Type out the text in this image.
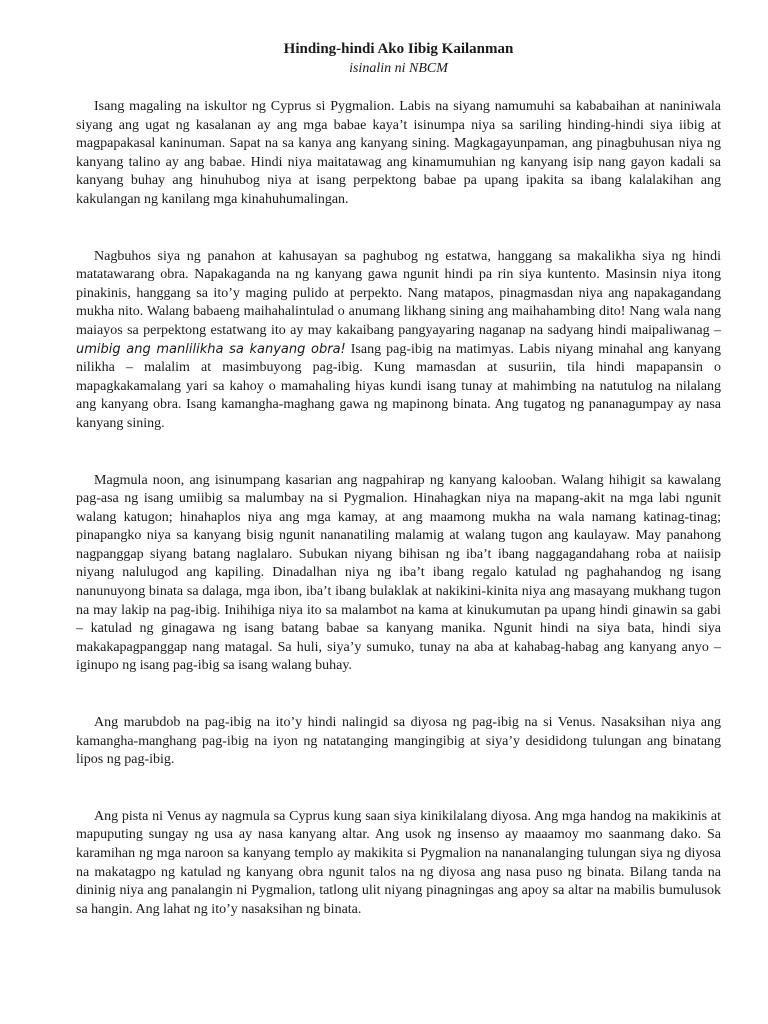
Hinding-hindi Ako Iibig Kailanman

isinalin ni NBCM

Isang magaling na iskultor ng Cyprus si Pygmalion. Labis na siyang namumuhi sa kababaihan at naniniwala siyang ang ugat ng kasalanan ay ang mga babae kaya’t isinumpa niya sa sariling hinding-hindi siya iibig at magpapakasal kaninuman. Sapat na sa kanya ang kanyang sining. Magkagayunpaman, ang pinagbuhusan niya ng kanyang talino ay ang babae. Hindi niya maitatawag ang kinamumuhian ng kanyang isip nang gayon kadali sa kanyang buhay ang hinuhubog niya at isang perpektong babae pa upang ipakita sa ibang kalalakihan ang kakulangan ng kanilang mga kinahuhumalingan.

Nagbuhos siya ng panahon at kahusayan sa paghubog ng estatwa, hanggang sa makalikha siya ng hindi matatawarang obra. Napakaganda na ng kanyang gawa ngunit hindi pa rin siya kuntento. Masinsin niya itong pinakinis, hanggang sa ito’y maging pulido at perpekto. Nang matapos, pinagmasdan niya ang napakagandang mukha nito. Walang babaeng maihahalintulad o anumang likhang sining ang maihahambing dito! Nang wala nang maiayos sa perpektong estatwang ito ay may kakaibang pangyayaring naganap na sadyang hindi maipaliwanag – umibig ang manlilikha sa kanyang obra! Isang pag-ibig na matimyas. Labis niyang minahal ang kanyang nilikha – malalim at masimbuyong pag-ibig. Kung mamasdan at susuriin, tila hindi mapapansin o mapagkakamalang yari sa kahoy o mamahaling hiyas kundi isang tunay at mahimbing na natutulog na nilalang ang kanyang obra. Isang kamangha-maghang gawa ng mapinong binata. Ang tugatog ng pananagumpay ay nasa kanyang sining.

Magmula noon, ang isinumpang kasarian ang nagpahirap ng kanyang kalooban. Walang hihigit sa kawalang pag-asa ng isang umiibig sa malumbay na si Pygmalion. Hinahagkan niya na mapang-akit na mga labi ngunit walang katugon; hinahaplos niya ang mga kamay, at ang maamong mukha na wala namang katinag-tinag; pinapangko niya sa kanyang bisig ngunit nananatiling malamig at walang tugon ang kaulayaw. May panahong nagpanggap siyang batang naglalaro. Subukan niyang bihisan ng iba’t ibang naggagandahang roba at naiisip niyang nalulugod ang kapiling. Dinadalhan niya ng iba’t ibang regalo katulad ng paghahandog ng isang nanunuyong binata sa dalaga, mga ibon, iba’t ibang bulaklak at nakikini-kinita niya ang masayang mukhang tugon na may lakip na pag-ibig. Inihihiga niya ito sa malambot na kama at kinukumutan pa upang hindi ginawin sa gabi – katulad ng ginagawa ng isang batang babae sa kanyang manika. Ngunit hindi na siya bata, hindi siya makakapagpanggap nang matagal. Sa huli, siya’y sumuko, tunay na aba at kahabag-habag ang kanyang anyo – iginupo ng isang pag-ibig sa isang walang buhay.

Ang marubdob na pag-ibig na ito’y hindi nalingid sa diyosa ng pag-ibig na si Venus. Nasaksihan niya ang kamangha-manghang pag-ibig na iyon ng natatanging mangingibig at siya’y desididong tulungan ang binatang lipos ng pag-ibig.

Ang pista ni Venus ay nagmula sa Cyprus kung saan siya kinikilalang diyosa. Ang mga handog na makikinis at mapuputing sungay ng usa ay nasa kanyang altar. Ang usok ng insenso ay maaamoy mo saanmang dako. Sa karamihan ng mga naroon sa kanyang templo ay makikita si Pygmalion na nananalanging tulungan siya ng diyosa na makatagpo ng katulad ng kanyang obra ngunit talos na ng diyosa ang nasa puso ng binata. Bilang tanda na dininig niya ang panalangin ni Pygmalion, tatlong ulit niyang pinagningas ang apoy sa altar na mabilis bumulusok sa hangin. Ang lahat ng ito’y nasaksihan ng binata.
